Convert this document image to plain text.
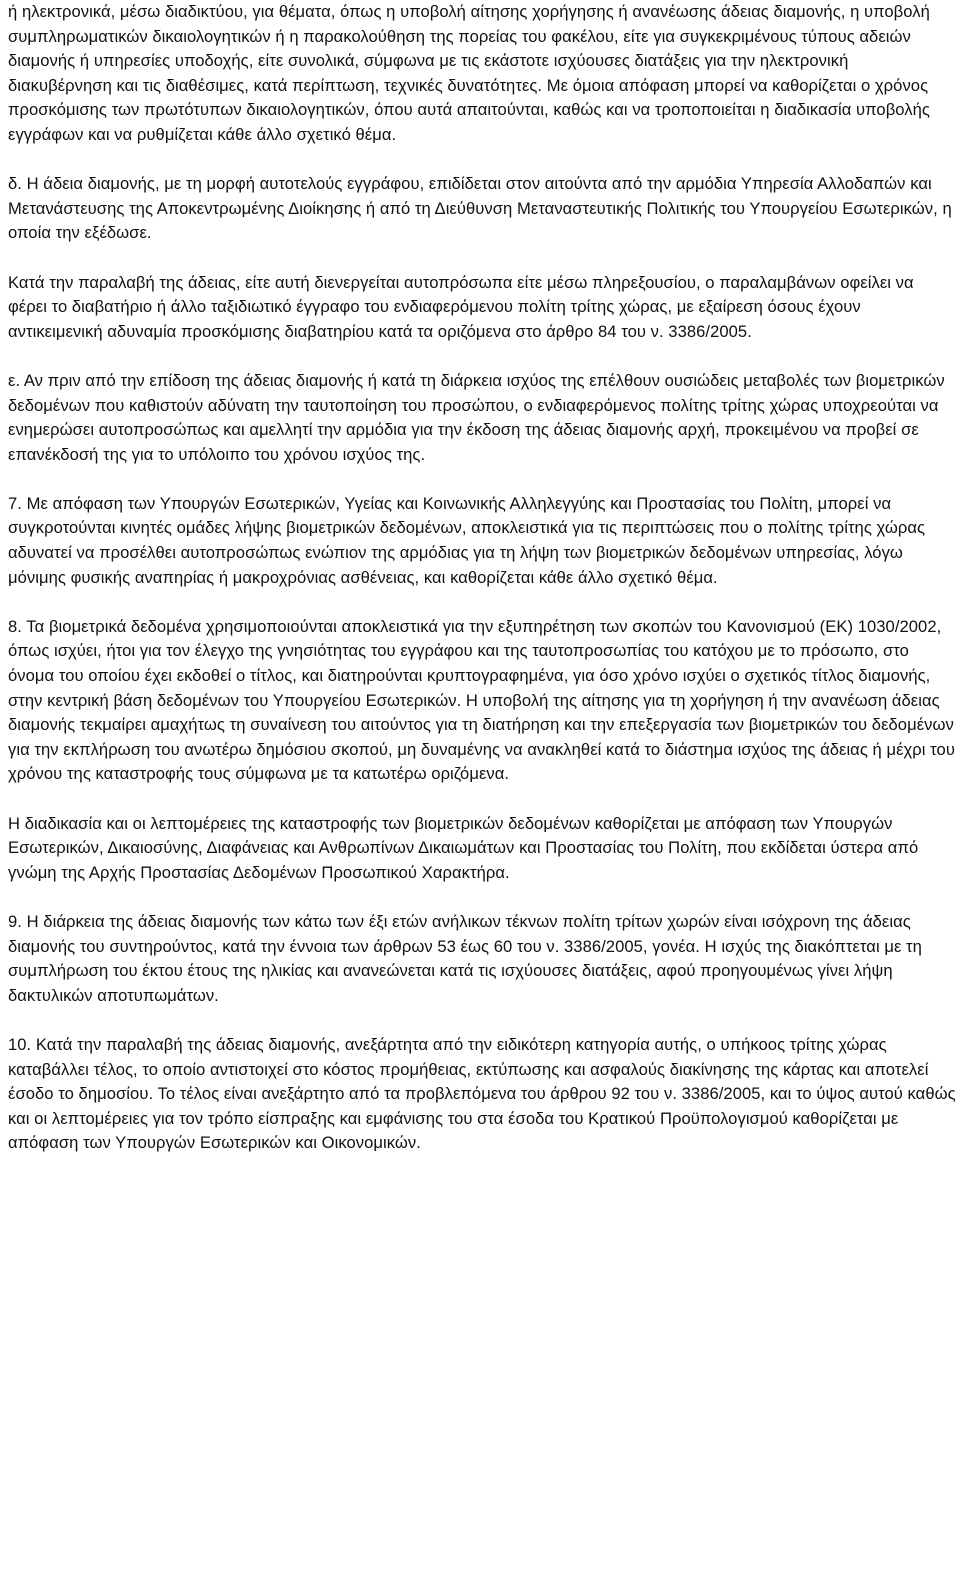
ή ηλεκτρονικά, μέσω διαδικτύου, για θέματα, όπως η υποβολή αίτησης χορήγησης ή ανανέωσης άδειας διαμονής, η υποβολή συμπληρωματικών δικαιολογητικών ή η παρακολούθηση της πορείας του φακέλου, είτε για συγκεκριμένους τύπους αδειών διαμονής ή υπηρεσίες υποδοχής, είτε συνολικά, σύμφωνα με τις εκάστοτε ισχύουσες διατάξεις για την ηλεκτρονική διακυβέρνηση και τις διαθέσιμες, κατά περίπτωση, τεχνικές δυνατότητες. Με όμοια απόφαση μπορεί να καθορίζεται ο χρόνος προσκόμισης των πρωτότυπων δικαιολογητικών, όπου αυτά απαιτούνται, καθώς και να τροποποιείται η διαδικασία υποβολής εγγράφων και να ρυθμίζεται κάθε άλλο σχετικό θέμα.

δ. Η άδεια διαμονής, με τη μορφή αυτοτελούς εγγράφου, επιδίδεται στον αιτούντα από την αρμόδια Υπηρεσία Αλλοδαπών και Μετανάστευσης της Αποκεντρωμένης Διοίκησης ή από τη Διεύθυνση Μεταναστευτικής Πολιτικής του Υπουργείου Εσωτερικών, η οποία την εξέδωσε.

Κατά την παραλαβή της άδειας, είτε αυτή διενεργείται αυτοπρόσωπα είτε μέσω πληρεξουσίου, ο παραλαμβάνων οφείλει να φέρει το διαβατήριο ή άλλο ταξιδιωτικό έγγραφο του ενδιαφερόμενου πολίτη τρίτης χώρας, με εξαίρεση όσους έχουν αντικειμενική αδυναμία προσκόμισης διαβατηρίου κατά τα οριζόμενα στο άρθρο 84 του ν. 3386/2005.

ε. Αν πριν από την επίδοση της άδειας διαμονής ή κατά τη διάρκεια ισχύος της επέλθουν ουσιώδεις μεταβολές των βιομετρικών δεδομένων που καθιστούν αδύνατη την ταυτοποίηση του προσώπου, ο ενδιαφερόμενος πολίτης τρίτης χώρας υποχρεούται να ενημερώσει αυτοπροσώπως και αμελλητί την αρμόδια για την έκδοση της άδειας διαμονής αρχή, προκειμένου να προβεί σε επανέκδοσή της για το υπόλοιπο του χρόνου ισχύος της.

7. Με απόφαση των Υπουργών Εσωτερικών, Υγείας και Κοινωνικής Αλληλεγγύης και Προστασίας του Πολίτη, μπορεί να συγκροτούνται κινητές ομάδες λήψης βιομετρικών δεδομένων, αποκλειστικά για τις περιπτώσεις που ο πολίτης τρίτης χώρας αδυνατεί να προσέλθει αυτοπροσώπως ενώπιον της αρμόδιας για τη λήψη των βιομετρικών δεδομένων υπηρεσίας, λόγω μόνιμης φυσικής αναπηρίας ή μακροχρόνιας ασθένειας, και καθορίζεται κάθε άλλο σχετικό θέμα.

8. Τα βιομετρικά δεδομένα χρησιμοποιούνται αποκλειστικά για την εξυπηρέτηση των σκοπών του Κανονισμού (ΕΚ) 1030/2002, όπως ισχύει, ήτοι για τον έλεγχο της γνησιότητας του εγγράφου και της ταυτοπροσωπίας του κατόχου με το πρόσωπο, στο όνομα του οποίου έχει εκδοθεί ο τίτλος, και διατηρούνται κρυπτογραφημένα, για όσο χρόνο ισχύει ο σχετικός τίτλος διαμονής, στην κεντρική βάση δεδομένων του Υπουργείου Εσωτερικών. Η υποβολή της αίτησης για τη χορήγηση ή την ανανέωση άδειας διαμονής τεκμαίρει αμαχήτως τη συναίνεση του αιτούντος για τη διατήρηση και την επεξεργασία των βιομετρικών του δεδομένων για την εκπλήρωση του ανωτέρω δημόσιου σκοπού, μη δυναμένης να ανακληθεί κατά το διάστημα ισχύος της άδειας ή μέχρι του χρόνου της καταστροφής τους σύμφωνα με τα κατωτέρω οριζόμενα.

Η διαδικασία και οι λεπτομέρειες της καταστροφής των βιομετρικών δεδομένων καθορίζεται με απόφαση των Υπουργών Εσωτερικών, Δικαιοσύνης, Διαφάνειας και Ανθρωπίνων Δικαιωμάτων και Προστασίας του Πολίτη, που εκδίδεται ύστερα από γνώμη της Αρχής Προστασίας Δεδομένων Προσωπικού Χαρακτήρα.

9. Η διάρκεια της άδειας διαμονής των κάτω των έξι ετών ανήλικων τέκνων πολίτη τρίτων χωρών είναι ισόχρονη της άδειας διαμονής του συντηρούντος, κατά την έννοια των άρθρων 53 έως 60 του ν. 3386/2005, γονέα. Η ισχύς της διακόπτεται με τη συμπλήρωση του έκτου έτους της ηλικίας και ανανεώνεται κατά τις ισχύουσες διατάξεις, αφού προηγουμένως γίνει λήψη δακτυλικών αποτυπωμάτων.

10. Κατά την παραλαβή της άδειας διαμονής, ανεξάρτητα από την ειδικότερη κατηγορία αυτής, ο υπήκοος τρίτης χώρας καταβάλλει τέλος, το οποίο αντιστοιχεί στο κόστος προμήθειας, εκτύπωσης και ασφαλούς διακίνησης της κάρτας και αποτελεί έσοδο το δημοσίου. Το τέλος είναι ανεξάρτητο από τα προβλεπόμενα του άρθρου 92 του ν. 3386/2005, και το ύψος αυτού καθώς και οι λεπτομέρειες για τον τρόπο είσπραξης και εμφάνισης του στα έσοδα του Κρατικού Προϋπολογισμού καθορίζεται με απόφαση των Υπουργών Εσωτερικών και Οικονομικών.
